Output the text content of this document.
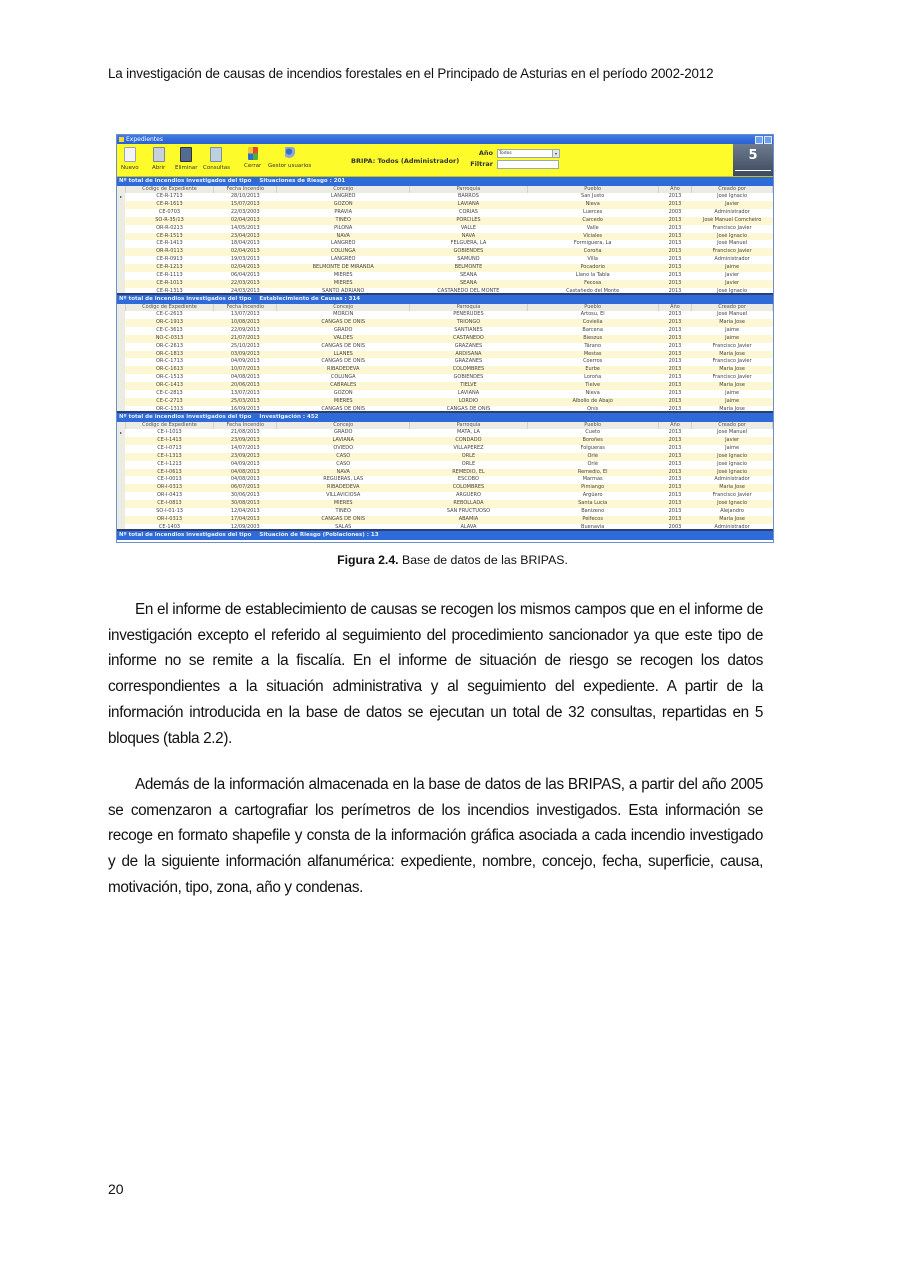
La investigación de causas de incendios forestales en el Principado de Asturias en el período 2002-2012
Expedientes
Nuevo Abrir Eliminar Consultas	Cerrar Gestor usuarios
BRIPA: Todos (Administrador)
Año	Todos	▾
Filtrar
5
Nº total de incendios investigados del tipo Situaciones de Riesgo : 201
	Códigc de Expediente	Fecha Incendio	Concejo	Parroquia	Pueblo	Año	Creado por
▸	CE-R-1713	28/10/2013	LANGREO	BARROS	San Justo	2013	José Ignacio
	CE-R-1613	15/07/2013	GOZÓN	LAVIANA	Nieva	2013	Javier
	CE-0703	22/03/2003	PRAVIA	CORIAS	Luerces	2003	Administrador
	SO-R-35/13	02/04/2013	TINEO	PORCILES	Carcedo	2013	José Manuel Comcheiro
	OR-R-0213	14/05/2013	PILOÑA	VALLE	Valle	2013	Francisco Javier
	CE-R-1513	23/04/2013	NAVA	NAVA	Vicíales	2013	José Ignacio
	CE-R-1413	18/04/2013	LANGREO	FELGUERA, LA	Formiguera, La	2013	José Manuel
	OR-R-0113	02/04/2013	COLUNGA	GOBIENDES	Coroña	2013	Francisco Javier
	CE-R-0913	19/03/2013	LANGREO	SAMÚÑO	Villa	2013	Administrador
	CE-R-1213	02/04/2013	BELMONTE DE MIRANDA	BELMONTE	Pocadorio	2013	Jaime
	CE-R-1113	06/04/2013	MIERES	SEANA	Llano la Tabla	2013	Javier
	CE-R-1013	22/03/2013	MIERES	SEANA	Fecosa	2013	Javier
	CE-R-1313	24/03/2013	SANTO ADRIANO	CASTAÑEDO DEL MONTE	Castañedo del Monte	2013	José Ignacio
Nº total de incendios investigados del tipo Establecimiento de Causas : 314
	Códigc de Expediente	Fecha Incendio	Concejo	Parroquia	Pueblo	Año	Creado por
	CE-C-2613	13/07/2013	MORCÍN	PEÑERUDES	Artosu, El	2013	José Manuel
	OR-C-1913	10/08/2013	CANGAS DE ONÍS	TRIONGO	Covielia	2013	María Jose
	CE-C-3613	22/09/2013	GRADO	SANTIANES	Barcena	2013	Jaime
	NO-C-0313	21/07/2013	VALDÉS	CASTAÑEDO	Bieszus	2013	Jaime
	OR-C-2613	25/10/2013	CANGAS DE ONÍS	GRAZANES	Tárano	2013	Francisco Javier
	OR-C-1813	03/09/2013	LLANES	ARDISANA	Mestas	2013	María Jose
	OR-C-1713	04/09/2013	CANGAS DE ONÍS	GRAZANES	Coerros	2013	Francisco Javier
	OR-C-1613	10/07/2013	RIBADEDEVA	COLOMBRES	Eurbe	2013	María Jose
	OR-C-1513	04/08/2013	COLUNGA	GOBIENDES	Loroña	2013	Francisco Javier
	OR-C-1413	20/06/2013	CABRALES	TIELVE	Tielve	2013	María Jose
	CE-C-2813	13/07/2013	GOZÓN	LAVIANA	Nieva	2013	Jaime
	CE-C-2713	25/03/2013	MIERES	LORDIO	Albollo de Abajo	2013	Jaime
	OR-C-1313	16/09/2013	CANGAS DE ONÍS	CANGAS DE ONÍS	Onís	2013	María Jose
Nº total de incendios investigados del tipo Investigación : 452
	Códigc de Expediente	Fecha Incendio	Concejo	Parroquia	Pueblo	Año	Creado por
▸	CE-I-1013	21/08/2013	GRADO	MATA, LA	Cueto	2013	José Manuel
	CE-I-1413	23/09/2013	LAVIANA	CONDADO	Boroñes	2013	Javier
	CE-I-0713	14/07/2013	OVIEDO	VILLAPÉREZ	Folgueras	2013	Jaime
	CE-I-1313	23/09/2013	CASO	ORLÉ	Orlé	2013	José Ignacio
	CE-I-1213	04/09/2013	CASO	ORLÉ	Orlé	2013	José Ignacio
	CE-I-0613	04/08/2013	NAVA	REMEDIO, EL	Remedio, El	2013	José Ignacio
	CE-I-0013	04/08/2013	REGUERAS, LAS	ESCOBO	Marmas	2013	Administrador
	OR-I-0313	06/07/2013	RIBADEDEVA	COLOMBRES	Pimiango	2013	María Jose
	OR-I-0413	30/06/2013	VILLAVICIOSA	ARGÜERO	Argüero	2013	Francisco Javier
	CE-I-0813	30/08/2013	MIERES	REBOLLADA	Santa Lucía	2013	José Ignacio
	SO-I-01-13	12/04/2013	TINEO	SAN FRUCTUOSO	Banizeno	2013	Alejandro
	OR-I-0313	17/04/2013	CANGAS DE ONÍS	ABAMIA	Pelfecos	2013	María Jose
	CE-1403	12/09/2003	SALAS	ALAVA	Buenavia	2003	Administrador
Nº total de incendios investigados del tipo Situación de Riesgo (Poblaciones) : 13
Figura 2.4. Base de datos de las BRIPAS.

En el informe de establecimiento de causas se recogen los mismos campos que en el informe de investigación excepto el referido al seguimiento del procedimiento sancionador ya que este tipo de informe no se remite a la fiscalía. En el informe de situación de riesgo se recogen los datos correspondientes a la situación administrativa y al seguimiento del expediente. A partir de la información introducida en la base de datos se ejecutan un total de 32 consultas, repartidas en 5 bloques (tabla 2.2).

Además de la información almacenada en la base de datos de las BRIPAS, a partir del año 2005 se comenzaron a cartografiar los perímetros de los incendios investigados. Esta información se recoge en formato shapefile y consta de la información gráfica asociada a cada incendio investigado y de la siguiente información alfanumérica: expediente, nombre, concejo, fecha, superficie, causa, motivación, tipo, zona, año y condenas.

20
